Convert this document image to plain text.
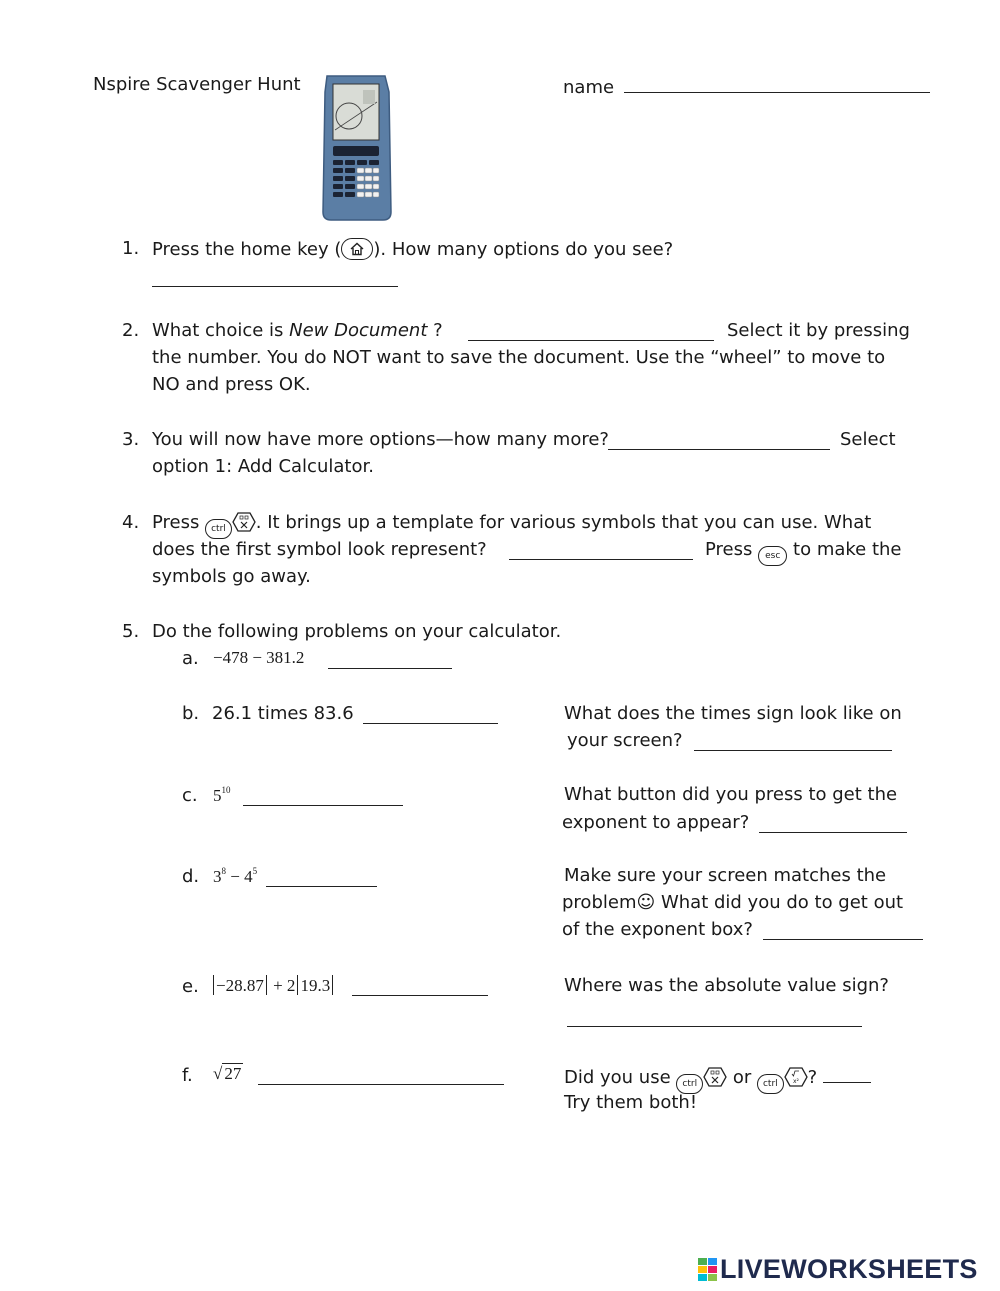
Nspire Scavenger Hunt	name
1. Press the home key ( ). How many options do you see?
2. What choice is New Document ?	Select it by pressing
the number. You do NOT want to save the document. Use the “wheel” to move to
NO and press OK.
3. You will now have more options—how many more?	Select
option 1: Add Calculator.
4. Press ctrl . It brings up a template for various symbols that you can use. What
does the first symbol look represent?	Press esc to make the
symbols go away.
5. Do the following problems on your calculator.
a. −478 − 381.2
b. 26.1 times 83.6	What does the times sign look like on
your screen?
c. $5^{10}$	What button did you press to get the
exponent to appear?
d. $3^8 - 4^5$	Make sure your screen matches the
problem☺ What did you do to get out
of the exponent box?
e. −28.87 + 2 19.3	Where was the absolute value sign?
f. √ 27	Did you use ctrl or ctrl	x² ?
Try them both!
LIVEWORKSHEETS
